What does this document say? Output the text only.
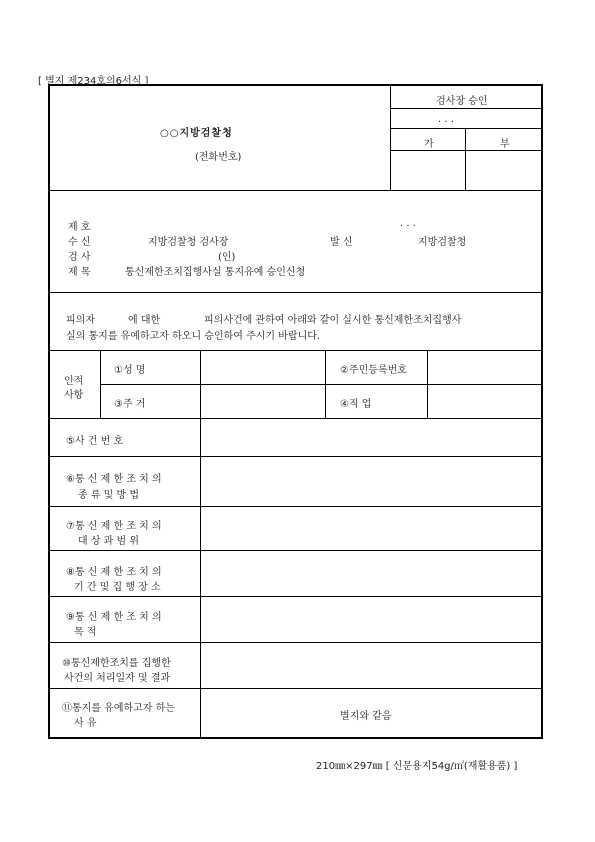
[ 별지 제234호의6서식 ]
○○지방검찰청
(전화번호)
검사장 승인
. . .
가	부
제 호	. . .
수 신	지방검찰청 검사장	발 신	지방검찰청
검 사	(인)
제 목	통신제한조치집행사실 통지유예 승인신청
피의자	에 대한	피의사건에 관하여 아래와 같이 실시한 통신제한조치집행사
실의 통지를 유예하고자 하오니 승인하여 주시기 바랍니다.
인적
사항
①성 명	②주민등록번호
③주 거	④직 업
⑤사 건 번 호
⑥통 신 제 한 조 치 의
종 류 및 방 법
⑦통 신 제 한 조 치 의
대 상 과 범 위
⑧통 신 제 한 조 치 의
기 간 및 집 행 장 소
⑨통 신 제 한 조 치 의
목 적
⑩통신제한조치를 집행한
사건의 처리일자 및 결과
⑪통지를 유예하고자 하는
사 유
별지와 같음
210㎜×297㎜ [ 신문용지54g/㎡(재활용품) ]
